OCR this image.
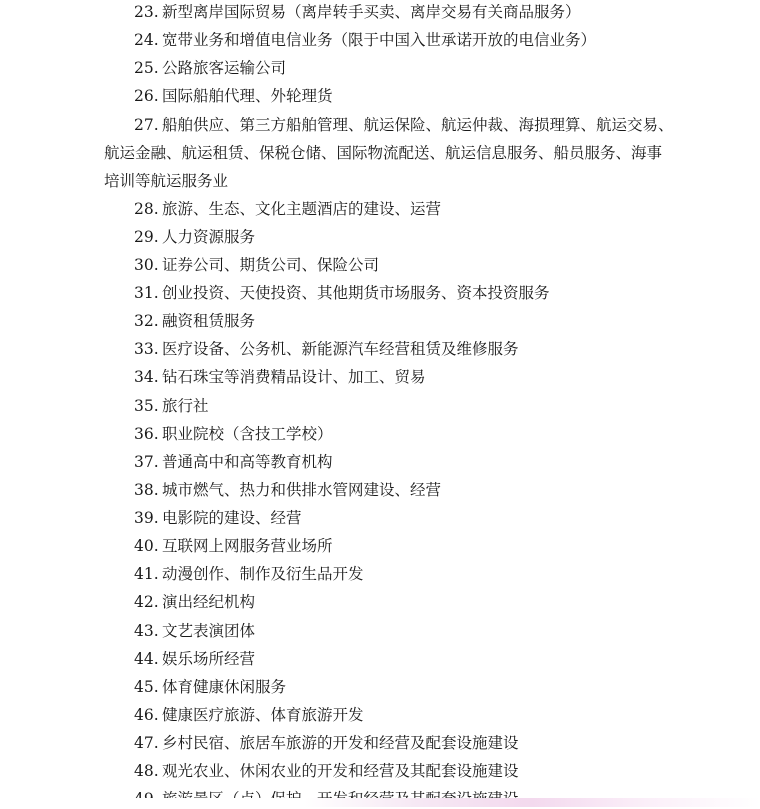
23. 新型离岸国际贸易（离岸转手买卖、离岸交易有关商品服务）
24. 宽带业务和增值电信业务（限于中国入世承诺开放的电信业务）
25. 公路旅客运输公司
26. 国际船舶代理、外轮理货
27. 船舶供应、第三方船舶管理、航运保险、航运仲裁、海损理算、航运交易、
航运金融、航运租赁、保税仓储、国际物流配送、航运信息服务、船员服务、海事
培训等航运服务业
28. 旅游、生态、文化主题酒店的建设、运营
29. 人力资源服务
30. 证券公司、期货公司、保险公司
31. 创业投资、天使投资、其他期货市场服务、资本投资服务
32. 融资租赁服务
33. 医疗设备、公务机、新能源汽车经营租赁及维修服务
34. 钻石珠宝等消费精品设计、加工、贸易
35. 旅行社
36. 职业院校（含技工学校）
37. 普通高中和高等教育机构
38. 城市燃气、热力和供排水管网建设、经营
39. 电影院的建设、经营
40. 互联网上网服务营业场所
41. 动漫创作、制作及衍生品开发
42. 演出经纪机构
43. 文艺表演团体
44. 娱乐场所经营
45. 体育健康休闲服务
46. 健康医疗旅游、体育旅游开发
47. 乡村民宿、旅居车旅游的开发和经营及配套设施建设
48. 观光农业、休闲农业的开发和经营及其配套设施建设
